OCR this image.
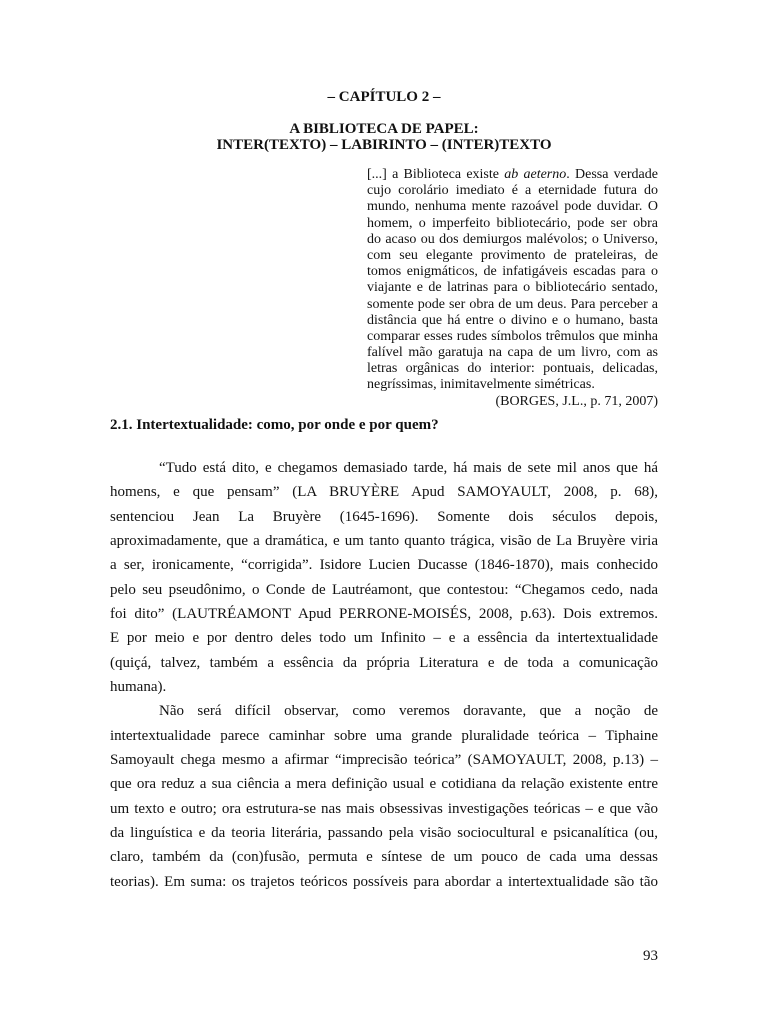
– CAPÍTULO 2 –
A BIBLIOTECA DE PAPEL:
INTER(TEXTO) – LABIRINTO – (INTER)TEXTO
[...] a Biblioteca existe ab aeterno. Dessa verdade
cujo corolário imediato é a eternidade futura do
mundo, nenhuma mente razoável pode duvidar. O
homem, o imperfeito bibliotecário, pode ser obra
do acaso ou dos demiurgos malévolos; o Universo,
com seu elegante provimento de prateleiras, de
tomos enigmáticos, de infatigáveis escadas para o
viajante e de latrinas para o bibliotecário sentado,
somente pode ser obra de um deus. Para perceber a
distância que há entre o divino e o humano, basta
comparar esses rudes símbolos trêmulos que minha
falível mão garatuja na capa de um livro, com as
letras orgânicas do interior: pontuais, delicadas,
negríssimas, inimitavelmente simétricas.
(BORGES, J.L., p. 71, 2007)
2.1. Intertextualidade: como, por onde e por quem?
“Tudo está dito, e chegamos demasiado tarde, há mais de sete mil anos que há
homens, e que pensam” (LA BRUYÈRE Apud SAMOYAULT, 2008, p. 68),
sentenciou Jean La Bruyère (1645-1696). Somente dois séculos depois,
aproximadamente, que a dramática, e um tanto quanto trágica, visão de La Bruyère viria
a ser, ironicamente, “corrigida”. Isidore Lucien Ducasse (1846-1870), mais conhecido
pelo seu pseudônimo, o Conde de Lautréamont, que contestou: “Chegamos cedo, nada
foi dito” (LAUTRÉAMONT Apud PERRONE-MOISÉS, 2008, p.63). Dois extremos.
E por meio e por dentro deles todo um Infinito – e a essência da intertextualidade
(quiçá, talvez, também a essência da própria Literatura e de toda a comunicação
humana).
Não será difícil observar, como veremos doravante, que a noção de
intertextualidade parece caminhar sobre uma grande pluralidade teórica – Tiphaine
Samoyault chega mesmo a afirmar “imprecisão teórica” (SAMOYAULT, 2008, p.13) –
que ora reduz a sua ciência a mera definição usual e cotidiana da relação existente entre
um texto e outro; ora estrutura-se nas mais obsessivas investigações teóricas – e que vão
da linguística e da teoria literária, passando pela visão sociocultural e psicanalítica (ou,
claro, também da (con)fusão, permuta e síntese de um pouco de cada uma dessas
teorias). Em suma: os trajetos teóricos possíveis para abordar a intertextualidade são tão
93
